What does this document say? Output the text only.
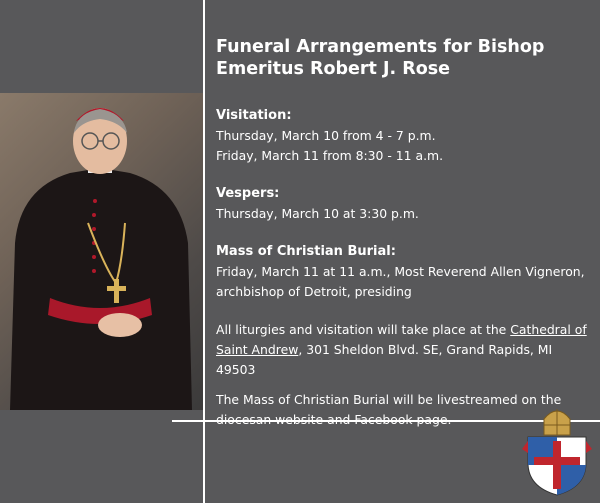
Funeral Arrangements for Bishop
Emeritus Robert J. Rose
Visitation:
Thursday, March 10 from 4 - 7 p.m.
Friday, March 11 from 8:30 - 11 a.m.
Vespers:
Thursday, March 10 at 3:30 p.m.
Mass of Christian Burial:
Friday, March 11 at 11 a.m., Most Reverend Allen Vigneron,
archbishop of Detroit, presiding
All liturgies and visitation will take place at the Cathedral of
Saint Andrew, 301 Sheldon Blvd. SE, Grand Rapids, MI 49503
The Mass of Christian Burial will be livestreamed on the
diocesan website and Facebook page.
